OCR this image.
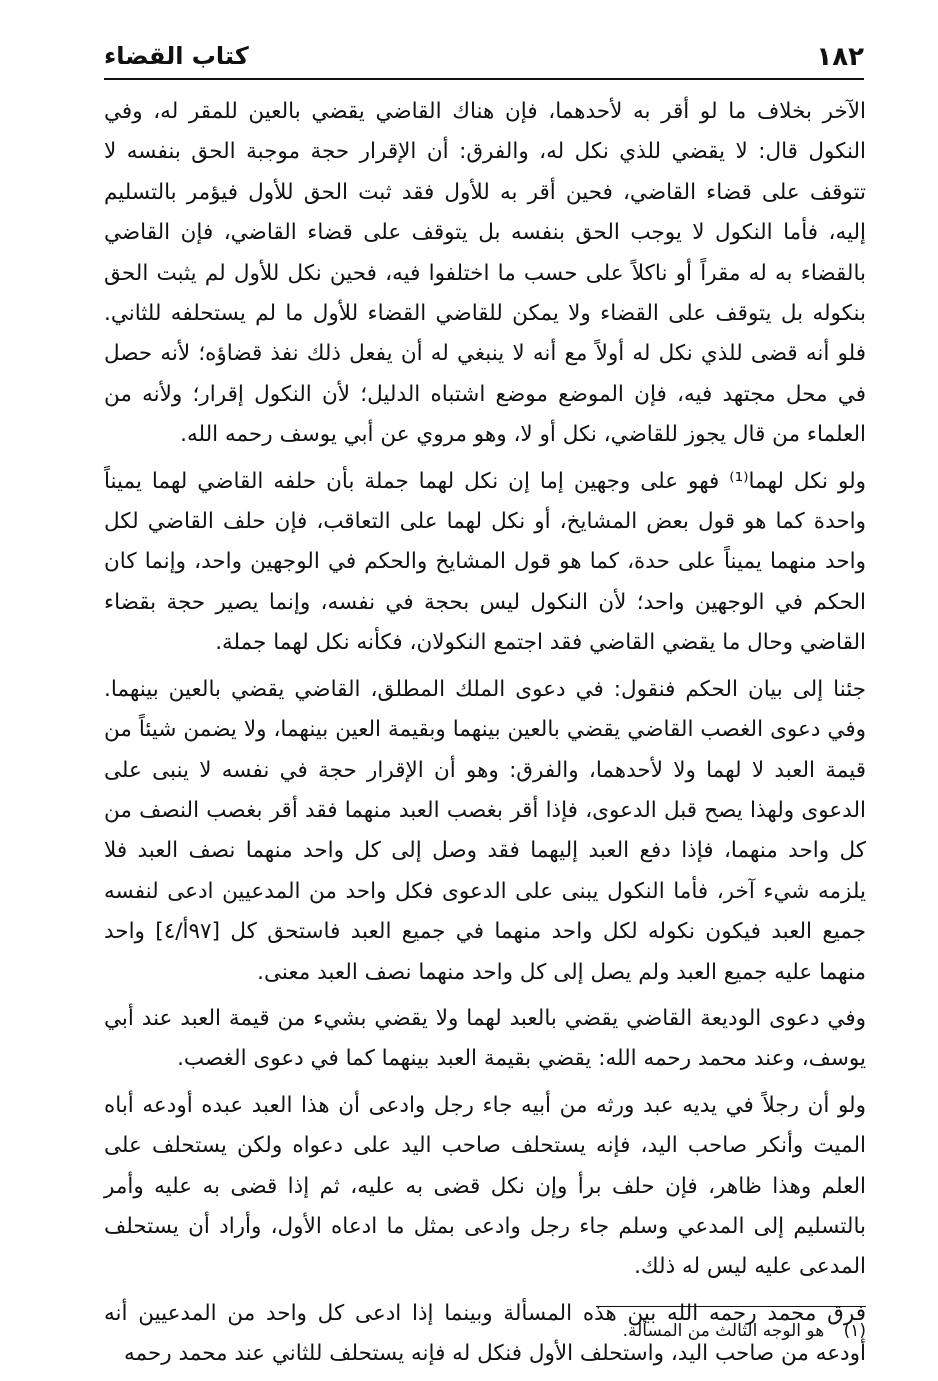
١٨٢
كتاب القضاء

الآخر بخلاف ما لو أقر به لأحدهما، فإن هناك القاضي يقضي بالعين للمقر له، وفي النكول قال: لا يقضي للذي نكل له، والفرق: أن الإقرار حجة موجبة الحق بنفسه لا تتوقف على قضاء القاضي، فحين أقر به للأول فقد ثبت الحق للأول فيؤمر بالتسليم إليه، فأما النكول لا يوجب الحق بنفسه بل يتوقف على قضاء القاضي، فإن القاضي بالقضاء به له مقراً أو ناكلاً على حسب ما اختلفوا فيه، فحين نكل للأول لم يثبت الحق بنكوله بل يتوقف على القضاء ولا يمكن للقاضي القضاء للأول ما لم يستحلفه للثاني. فلو أنه قضى للذي نكل له أولاً مع أنه لا ينبغي له أن يفعل ذلك نفذ قضاؤه؛ لأنه حصل في محل مجتهد فيه، فإن الموضع موضع اشتباه الدليل؛ لأن النكول إقرار؛ ولأنه من العلماء من قال يجوز للقاضي، نكل أو لا، وهو مروي عن أبي يوسف رحمه الله.

ولو نكل لهما⁽¹⁾ فهو على وجهين إما إن نكل لهما جملة بأن حلفه القاضي لهما يميناً واحدة كما هو قول بعض المشايخ، أو نكل لهما على التعاقب، فإن حلف القاضي لكل واحد منهما يميناً على حدة، كما هو قول المشايخ والحكم في الوجهين واحد، وإنما كان الحكم في الوجهين واحد؛ لأن النكول ليس بحجة في نفسه، وإنما يصير حجة بقضاء القاضي وحال ما يقضي القاضي فقد اجتمع النكولان، فكأنه نكل لهما جملة.

جئنا إلى بيان الحكم فنقول: في دعوى الملك المطلق، القاضي يقضي بالعين بينهما. وفي دعوى الغصب القاضي يقضي بالعين بينهما وبقيمة العين بينهما، ولا يضمن شيئاً من قيمة العبد لا لهما ولا لأحدهما، والفرق: وهو أن الإقرار حجة في نفسه لا ينبى على الدعوى ولهذا يصح قبل الدعوى، فإذا أقر بغصب العبد منهما فقد أقر بغصب النصف من كل واحد منهما، فإذا دفع العبد إليهما فقد وصل إلى كل واحد منهما نصف العبد فلا يلزمه شيء آخر، فأما النكول يبنى على الدعوى فكل واحد من المدعيين ادعى لنفسه جميع العبد فيكون نكوله لكل واحد منهما في جميع العبد فاستحق كل [٩٧أ/٤] واحد منهما عليه جميع العبد ولم يصل إلى كل واحد منهما نصف العبد معنى.

وفي دعوى الوديعة القاضي يقضي بالعبد لهما ولا يقضي بشيء من قيمة العبد عند أبي يوسف، وعند محمد رحمه الله: يقضي بقيمة العبد بينهما كما في دعوى الغصب.

ولو أن رجلاً في يديه عبد ورثه من أبيه جاء رجل وادعى أن هذا العبد عبده أودعه أباه الميت وأنكر صاحب اليد، فإنه يستحلف صاحب اليد على دعواه ولكن يستحلف على العلم وهذا ظاهر، فإن حلف برأ وإن نكل قضى به عليه، ثم إذا قضى به عليه وأمر بالتسليم إلى المدعي وسلم جاء رجل وادعى بمثل ما ادعاه الأول، وأراد أن يستحلف المدعى عليه ليس له ذلك.

فرق محمد رحمه الله بين هذه المسألة وبينما إذا ادعى كل واحد من المدعيين أنه أودعه من صاحب اليد، واستحلف الأول فنكل له فإنه يستحلف للثاني عند محمد رحمه

(١) هو الوجه الثالث من المسألة.
